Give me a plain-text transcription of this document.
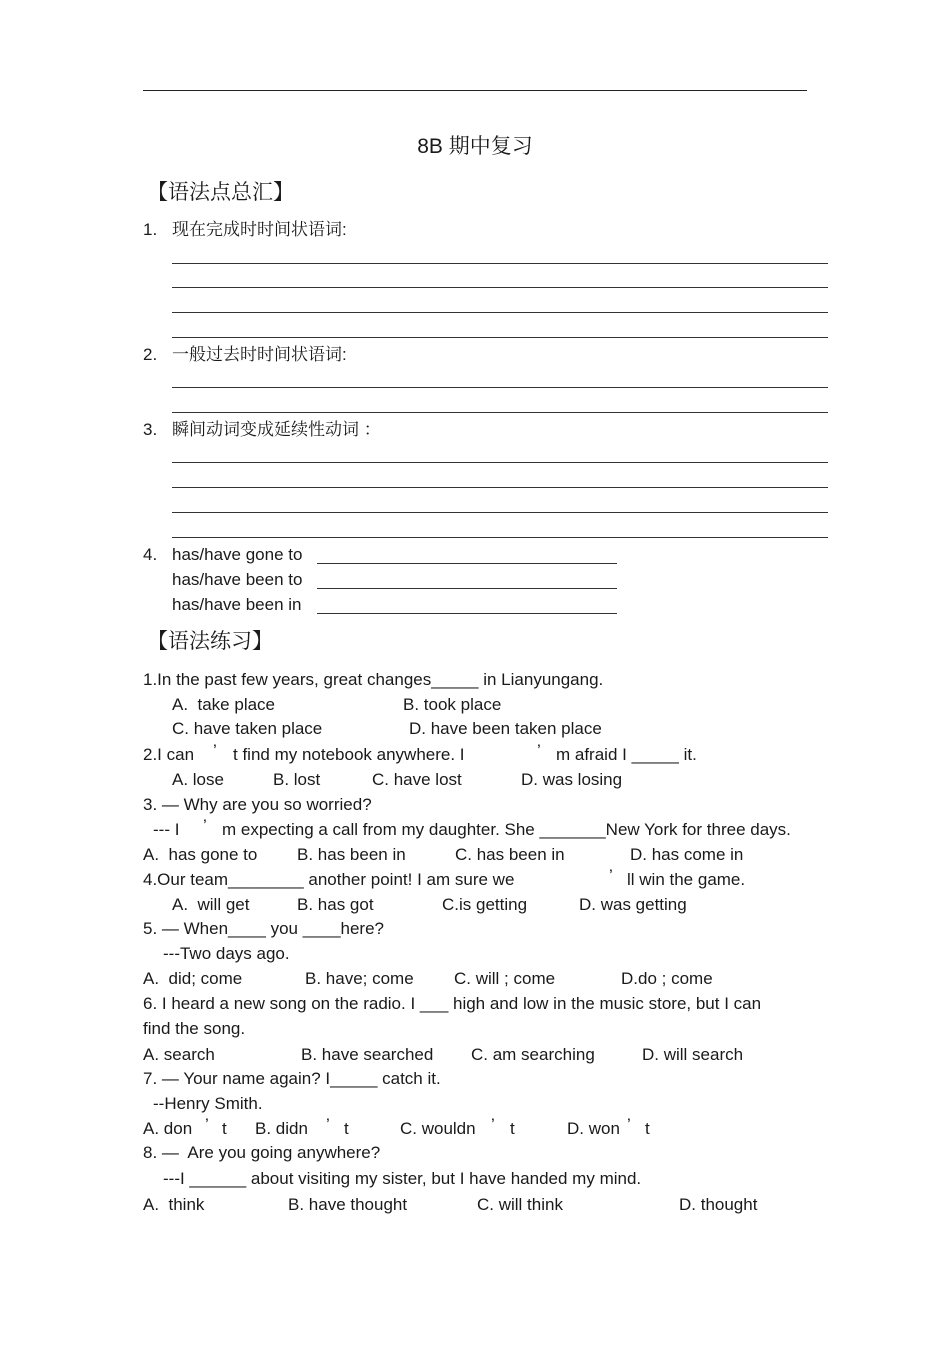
8B 期中复习
【语法点总汇】
1. 现在完成时时间状语词:
2. 一般过去时时间状语词:
3. 瞬间动词变成延续性动词 ：
4. has/have gone to
has/have been to
has/have been in
【语法练习】
1.In the past few years, great changes_____ in Lianyungang.
A.  take place	B. took place
C. have taken place	D. have been taken place
2.I can ’ t find my notebook anywhere. I	’ m afraid I _____ it.
A. lose	B. lost	C. have lost	D. was losing
3. — Why are you so worried?
--- I ’ m expecting a call from my daughter. She _______New York for three days.
A.  has gone to B. has been in	C. has been in	D. has come in
4.Our team________ another point! I am sure we	’ ll win the game.
A.  will get	B. has got	C.is getting	D. was getting
5. — When____ you ____here?
---Two days ago.
A.  did; come	B. have; come C. will ; come	D.do ; come
6. I heard a new song on the radio. I ___ high and low in the music store, but I can
find the song.
A. search	B. have searched C. am searching	D. will search
7. — Your name again? I_____ catch it.
--Henry Smith.
A. don ’ t B. didn ’ t	C. wouldn ’ t	D. won ’ t
8. —  Are you going anywhere?
---I ______ about visiting my sister, but I have handed my mind.
A.  think	B. have thought	C. will think	D. thought
